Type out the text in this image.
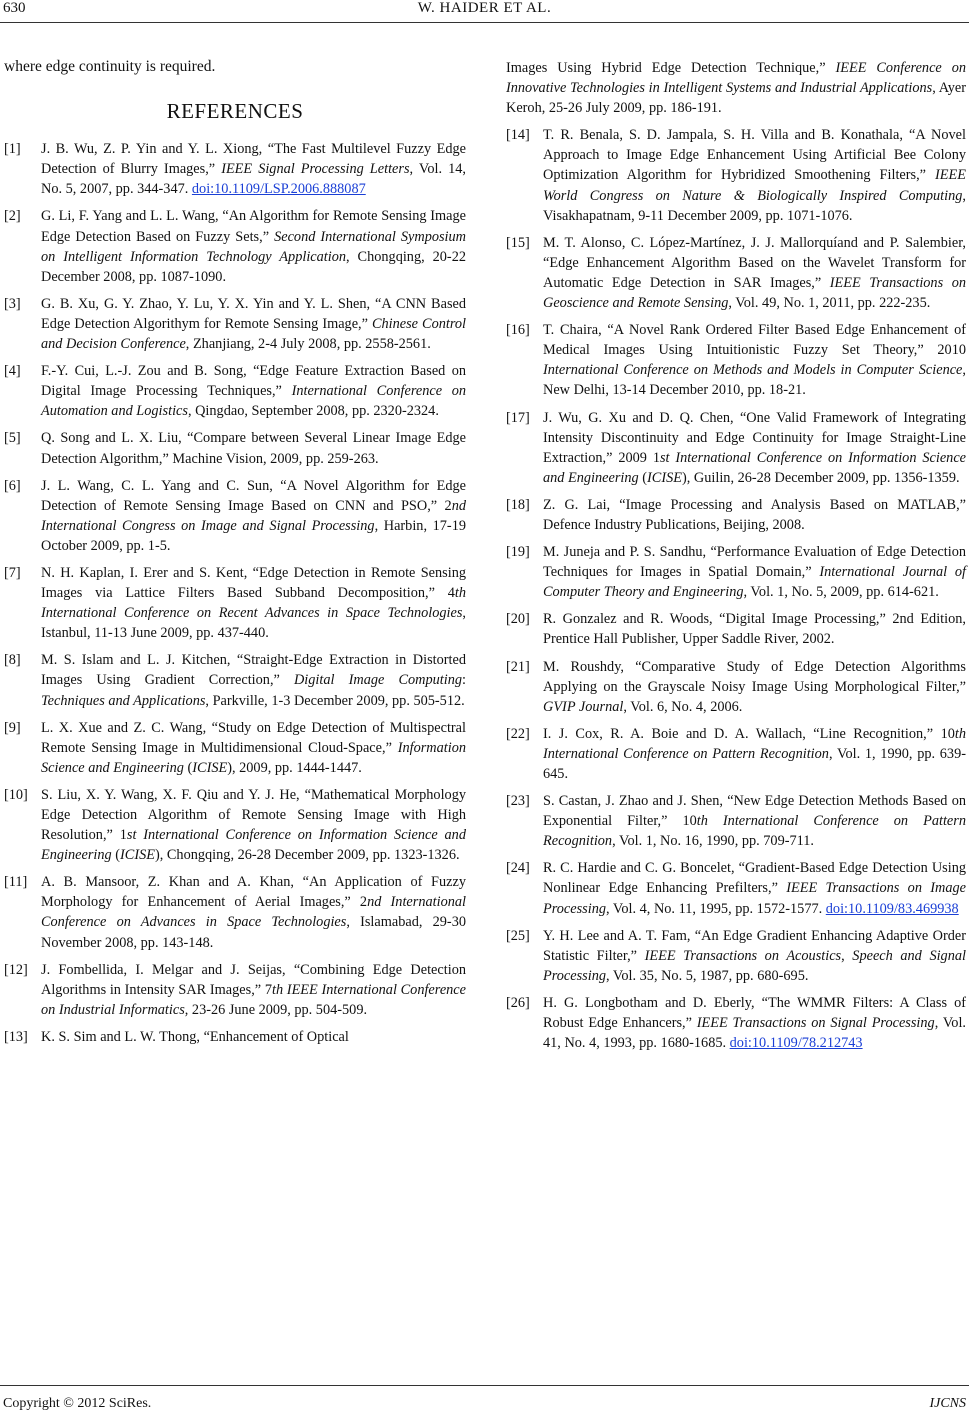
630	W. HAIDER ET AL.

where edge continuity is required.

REFERENCES
[1] J. B. Wu, Z. P. Yin and Y. L. Xiong, “The Fast Multilevel Fuzzy Edge Detection of Blurry Images,” IEEE Signal Processing Letters, Vol. 14, No. 5, 2007, pp. 344-347. doi:10.1109/LSP.2006.888087
[2] G. Li, F. Yang and L. L. Wang, “An Algorithm for Remote Sensing Image Edge Detection Based on Fuzzy Sets,” Second International Symposium on Intelligent Information Technology Application, Chongqing, 20-22 December 2008, pp. 1087-1090.
[3] G. B. Xu, G. Y. Zhao, Y. Lu, Y. X. Yin and Y. L. Shen, “A CNN Based Edge Detection Algorithym for Remote Sensing Image,” Chinese Control and Decision Conference, Zhanjiang, 2-4 July 2008, pp. 2558-2561.
[4] F.-Y. Cui, L.-J. Zou and B. Song, “Edge Feature Extraction Based on Digital Image Processing Techniques,” International Conference on Automation and Logistics, Qingdao, September 2008, pp. 2320-2324.
[5] Q. Song and L. X. Liu, “Compare between Several Linear Image Edge Detection Algorithm,” Machine Vision, 2009, pp. 259-263.
[6] J. L. Wang, C. L. Yang and C. Sun, “A Novel Algorithm for Edge Detection of Remote Sensing Image Based on CNN and PSO,” 2nd International Congress on Image and Signal Processing, Harbin, 17-19 October 2009, pp. 1-5.
[7] N. H. Kaplan, I. Erer and S. Kent, “Edge Detection in Remote Sensing Images via Lattice Filters Based Subband Decomposition,” 4th International Conference on Recent Advances in Space Technologies, Istanbul, 11-13 June 2009, pp. 437-440.
[8] M. S. Islam and L. J. Kitchen, “Straight-Edge Extraction in Distorted Images Using Gradient Correction,” Digital Image Computing: Techniques and Applications, Parkville, 1-3 December 2009, pp. 505-512.
[9] L. X. Xue and Z. C. Wang, “Study on Edge Detection of Multispectral Remote Sensing Image in Multidimensional Cloud-Space,” Information Science and Engineering (ICISE), 2009, pp. 1444-1447.
[10] S. Liu, X. Y. Wang, X. F. Qiu and Y. J. He, “Mathematical Morphology Edge Detection Algorithm of Remote Sensing Image with High Resolution,” 1st International Conference on Information Science and Engineering (ICISE), Chongqing, 26-28 December 2009, pp. 1323-1326.
[11] A. B. Mansoor, Z. Khan and A. Khan, “An Application of Fuzzy Morphology for Enhancement of Aerial Images,” 2nd International Conference on Advances in Space Technologies, Islamabad, 29-30 November 2008, pp. 143-148.
[12] J. Fombellida, I. Melgar and J. Seijas, “Combining Edge Detection Algorithms in Intensity SAR Images,” 7th IEEE International Conference on Industrial Informatics, 23-26 June 2009, pp. 504-509.
[13] K. S. Sim and L. W. Thong, “Enhancement of Optical
Images Using Hybrid Edge Detection Technique,” IEEE Conference on Innovative Technologies in Intelligent Systems and Industrial Applications, Ayer Keroh, 25-26 July 2009, pp. 186-191.
[14] T. R. Benala, S. D. Jampala, S. H. Villa and B. Konathala, “A Novel Approach to Image Edge Enhancement Using Artificial Bee Colony Optimization Algorithm for Hybridized Smoothening Filters,” IEEE World Congress on Nature & Biologically Inspired Computing, Visakhapatnam, 9-11 December 2009, pp. 1071-1076.
[15] M. T. Alonso, C. López-Martínez, J. J. Mallorquíand and P. Salembier, “Edge Enhancement Algorithm Based on the Wavelet Transform for Automatic Edge Detection in SAR Images,” IEEE Transactions on Geoscience and Remote Sensing, Vol. 49, No. 1, 2011, pp. 222-235.
[16] T. Chaira, “A Novel Rank Ordered Filter Based Edge Enhancement of Medical Images Using Intuitionistic Fuzzy Set Theory,” 2010 International Conference on Methods and Models in Computer Science, New Delhi, 13-14 December 2010, pp. 18-21.
[17] J. Wu, G. Xu and D. Q. Chen, “One Valid Framework of Integrating Intensity Discontinuity and Edge Continuity for Image Straight-Line Extraction,” 2009 1st International Conference on Information Science and Engineering (ICISE), Guilin, 26-28 December 2009, pp. 1356-1359.
[18] Z. G. Lai, “Image Processing and Analysis Based on MATLAB,” Defence Industry Publications, Beijing, 2008.
[19] M. Juneja and P. S. Sandhu, “Performance Evaluation of Edge Detection Techniques for Images in Spatial Domain,” International Journal of Computer Theory and Engineering, Vol. 1, No. 5, 2009, pp. 614-621.
[20] R. Gonzalez and R. Woods, “Digital Image Processing,” 2nd Edition, Prentice Hall Publisher, Upper Saddle River, 2002.
[21] M. Roushdy, “Comparative Study of Edge Detection Algorithms Applying on the Grayscale Noisy Image Using Morphological Filter,” GVIP Journal, Vol. 6, No. 4, 2006.
[22] I. J. Cox, R. A. Boie and D. A. Wallach, “Line Recognition,” 10th International Conference on Pattern Recognition, Vol. 1, 1990, pp. 639-645.
[23] S. Castan, J. Zhao and J. Shen, “New Edge Detection Methods Based on Exponential Filter,” 10th International Conference on Pattern Recognition, Vol. 1, No. 16, 1990, pp. 709-711.
[24] R. C. Hardie and C. G. Boncelet, “Gradient-Based Edge Detection Using Nonlinear Edge Enhancing Prefilters,” IEEE Transactions on Image Processing, Vol. 4, No. 11, 1995, pp. 1572-1577. doi:10.1109/83.469938
[25] Y. H. Lee and A. T. Fam, “An Edge Gradient Enhancing Adaptive Order Statistic Filter,” IEEE Transactions on Acoustics, Speech and Signal Processing, Vol. 35, No. 5, 1987, pp. 680-695.
[26] H. G. Longbotham and D. Eberly, “The WMMR Filters: A Class of Robust Edge Enhancers,” IEEE Transactions on Signal Processing, Vol. 41, No. 4, 1993, pp. 1680-1685. doi:10.1109/78.212743
Copyright © 2012 SciRes.	IJCNS
